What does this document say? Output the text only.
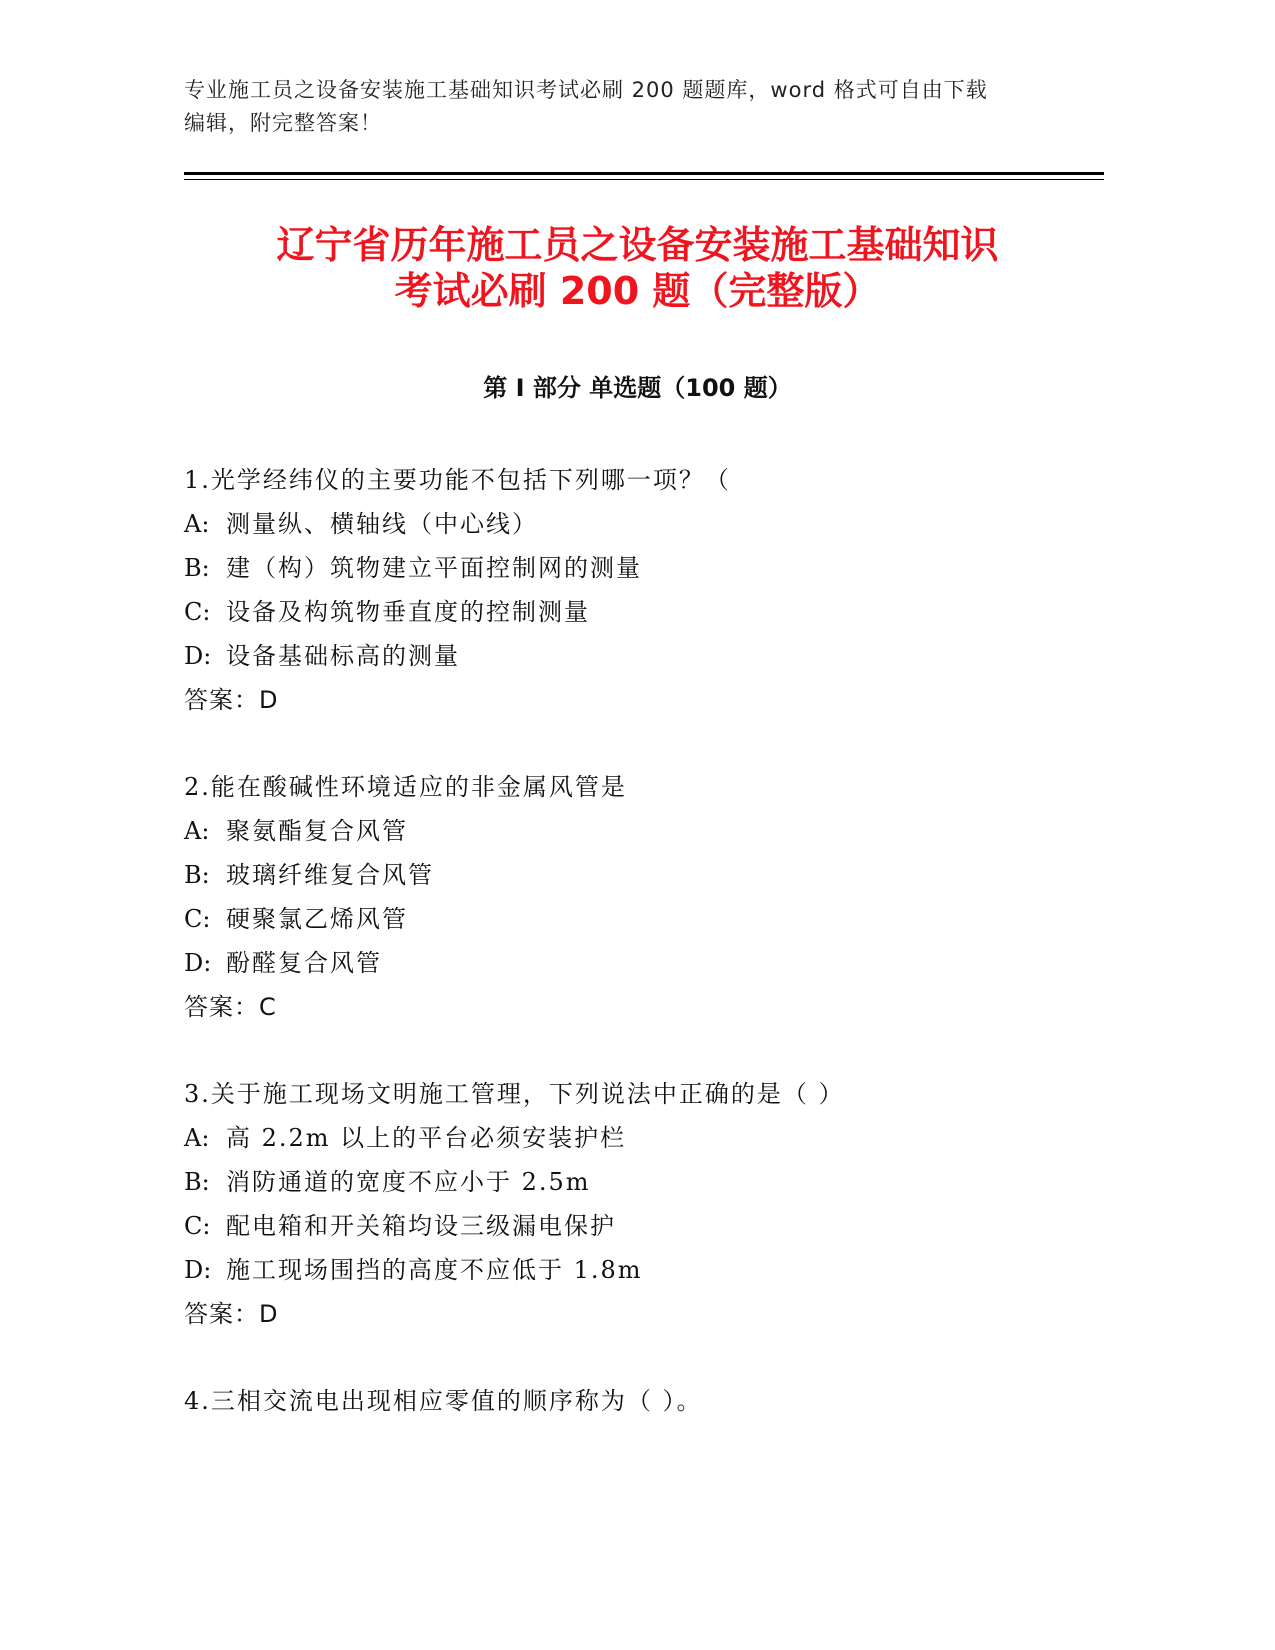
专业施工员之设备安装施工基础知识考试必刷 200 题题库，word 格式可自由下载
编辑，附完整答案！
辽宁省历年施工员之设备安装施工基础知识
考试必刷 200 题（完整版）
第 I 部分 单选题（100 题）
1.光学经纬仪的主要功能不包括下列哪一项？（
A: 测量纵、横轴线（中心线）
B: 建（构）筑物建立平面控制网的测量
C: 设备及构筑物垂直度的控制测量
D: 设备基础标高的测量
答案：D
2.能在酸碱性环境适应的非金属风管是
A: 聚氨酯复合风管
B: 玻璃纤维复合风管
C: 硬聚氯乙烯风管
D: 酚醛复合风管
答案：C
3.关于施工现场文明施工管理，下列说法中正确的是（ ）
A: 高 2.2m 以上的平台必须安装护栏
B: 消防通道的宽度不应小于 2.5m
C: 配电箱和开关箱均设三级漏电保护
D: 施工现场围挡的高度不应低于 1.8m
答案：D
4.三相交流电出现相应零值的顺序称为（ ）。
